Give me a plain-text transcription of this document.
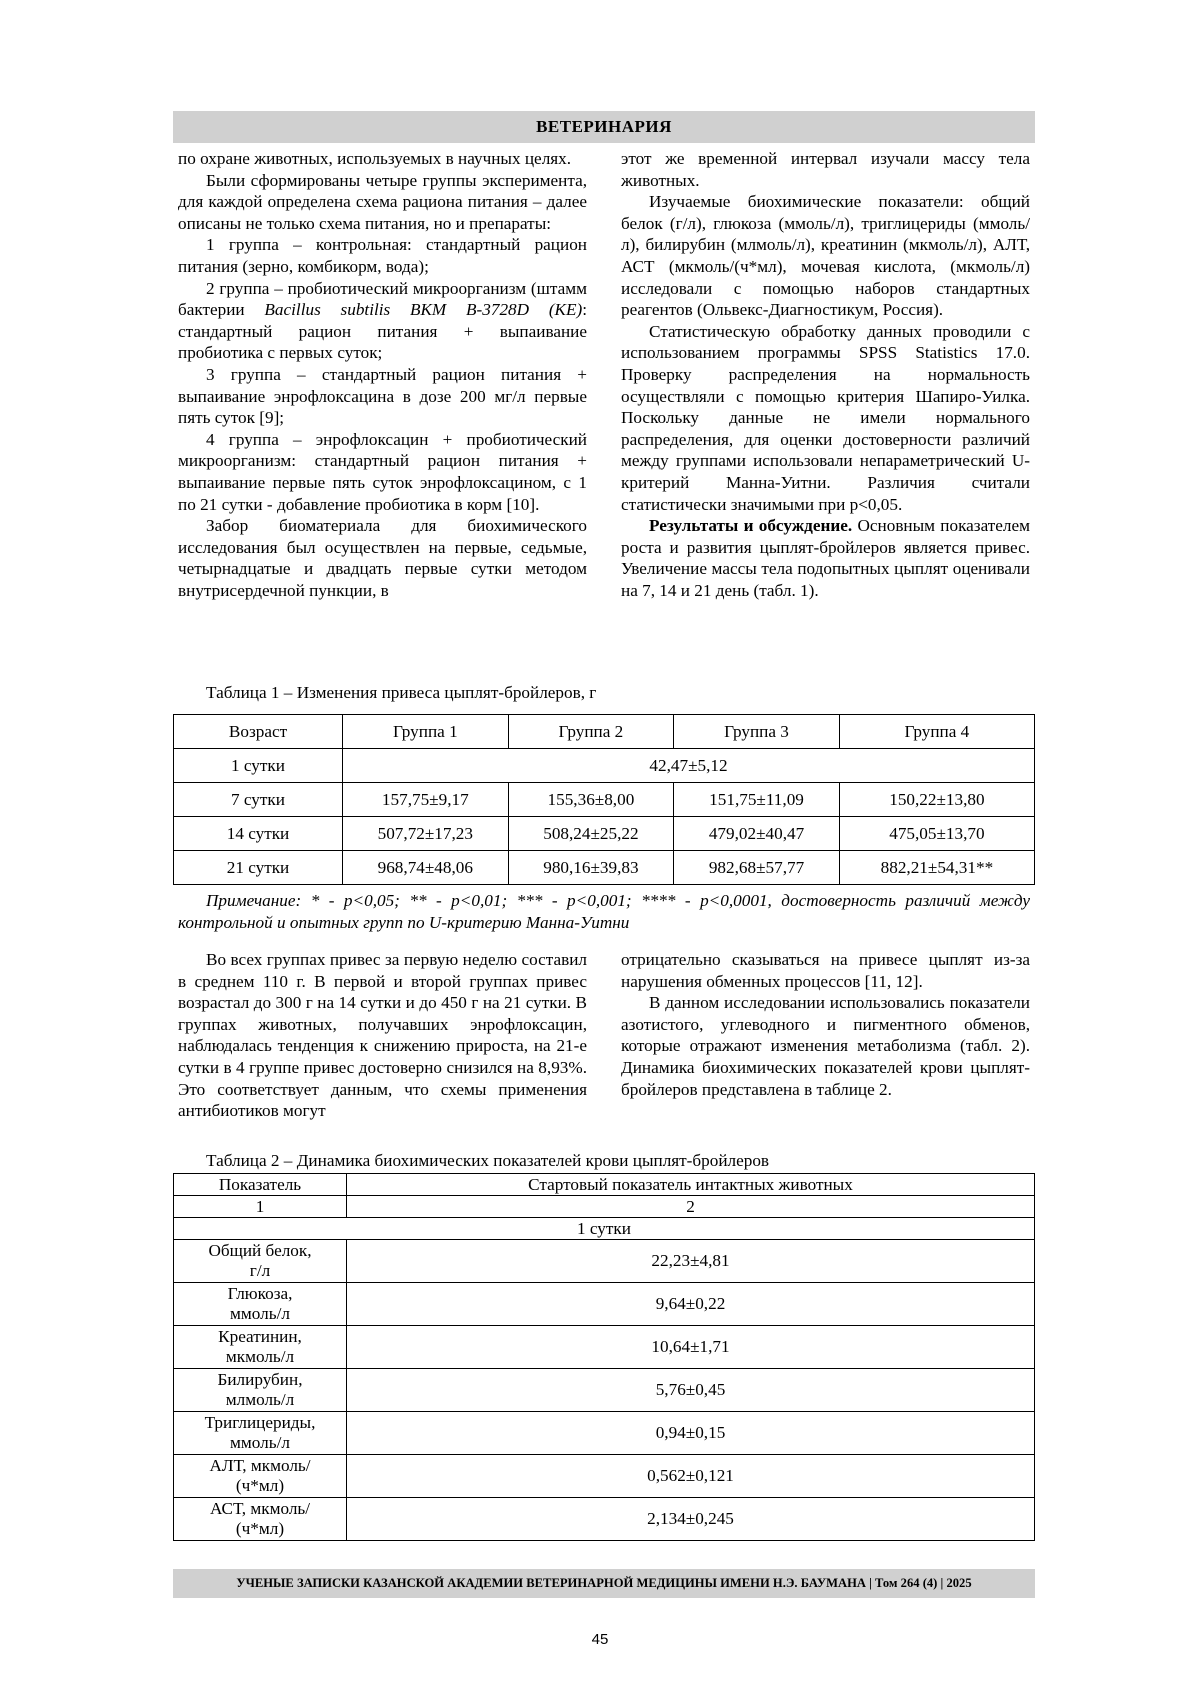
ВЕТЕРИНАРИЯ

по охране животных, используемых в научных целях.

Были сформированы четыре группы эксперимента, для каждой определена схема рациона питания – далее описаны не только схема питания, но и препараты:

1 группа – контрольная: стандартный рацион питания (зерно, комбикорм, вода);

2 группа – пробиотический микроорганизм (штамм бактерии Bacillus subtilis ВКМ В-3728D (КЕ): стандартный рацион питания + выпаивание пробиотика с первых суток;

3 группа – стандартный рацион питания + выпаивание энрофлоксацина в дозе 200 мг/л первые пять суток [9];

4 группа – энрофлоксацин + пробиотический микроорганизм: стандартный рацион питания + выпаивание первые пять суток энрофлоксацином, с 1 по 21 сутки - добавление пробиотика в корм [10].

Забор биоматериала для биохимического исследования был осуществлен на первые, седьмые, четырнадцатые и двадцать первые сутки методом внутрисердечной пункции, в

этот же временной интервал изучали массу тела животных.

Изучаемые биохимические показатели: общий белок (г/л), глюкоза (ммоль/л), триглицериды (ммоль/л), билирубин (млмоль/л), креатинин (мкмоль/л), АЛТ, АСТ (мкмоль/(ч*мл), мочевая кислота, (мкмоль/л) исследовали с помощью наборов стандартных реагентов (Ольвекс-Диагностикум, Россия).

Статистическую обработку данных проводили с использованием программы SPSS Statistics 17.0. Проверку распределения на нормальность осуществляли с помощью критерия Шапиро-Уилка. Поскольку данные не имели нормального распределения, для оценки достоверности различий между группами использовали непараметрический U-критерий Манна-Уитни. Различия считали статистически значимыми при p<0,05.

Результаты и обсуждение. Основным показателем роста и развития цыплят-бройлеров является привес. Увеличение массы тела подопытных цыплят оценивали на 7, 14 и 21 день (табл. 1).

Таблица 1 – Изменения привеса цыплят-бройлеров, г
Возраст	Группа 1	Группа 2	Группа 3	Группа 4
1 сутки	42,47±5,12			
7 сутки	157,75±9,17	155,36±8,00	151,75±11,09	150,22±13,80
14 сутки	507,72±17,23	508,24±25,22	479,02±40,47	475,05±13,70
21 сутки	968,74±48,06	980,16±39,83	982,68±57,77	882,21±54,31**
Примечание: * - p<0,05; ** - p<0,01; *** - p<0,001; **** - p<0,0001, достоверность различий между контрольной и опытных групп по U-критерию Манна-Уитни

Во всех группах привес за первую неделю составил в среднем 110 г. В первой и второй группах привес возрастал до 300 г на 14 сутки и до 450 г на 21 сутки. В группах животных, получавших энрофлоксацин, наблюдалась тенденция к снижению прироста, на 21-е сутки в 4 группе привес достоверно снизился на 8,93%. Это соответствует данным, что схемы применения антибиотиков могут

отрицательно сказываться на привесе цыплят из-за нарушения обменных процессов [11, 12].

В данном исследовании использовались показатели азотистого, углеводного и пигментного обменов, которые отражают изменения метаболизма (табл. 2). Динамика биохимических показателей крови цыплят-бройлеров представлена в таблице 2.

Таблица 2 – Динамика биохимических показателей крови цыплят-бройлеров
Показатель	Стартовый показатель интактных животных
1	2
1 сутки	
Общий белок,
г/л	22,23±4,81
Глюкоза,
ммоль/л	9,64±0,22
Креатинин,
мкмоль/л	10,64±1,71
Билирубин,
млмоль/л	5,76±0,45
Триглицериды,
ммоль/л	0,94±0,15
АЛТ, мкмоль/
(ч*мл)	0,562±0,121
АСТ, мкмоль/
(ч*мл)	2,134±0,245
УЧЕНЫЕ ЗАПИСКИ КАЗАНСКОЙ АКАДЕМИИ ВЕТЕРИНАРНОЙ МЕДИЦИНЫ ИМЕНИ Н.Э. БАУМАНА | Том 264 (4) | 2025
45
